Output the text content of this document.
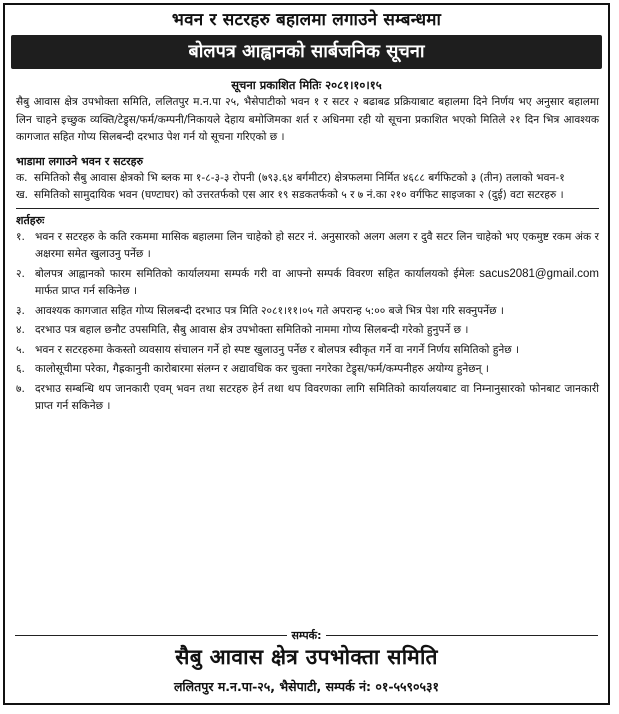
भवन र सटरहरु बहालमा लगाउने सम्बन्धमा
बोलपत्र आह्वानको सार्बजनिक सूचना
सूचना प्रकाशित मितिः २०८१।१०।१५

सैबु आवास क्षेत्र उपभोक्ता समिति, ललितपुर म.न.पा २५, भैसेपाटीको भवन १ र सटर २ बढाबढ प्रक्रियाबाट बहालमा दिने निर्णय भए अनुसार बहालमा लिन चाहने इच्छुक व्यक्ति/टेड्र्स/फर्म/कम्पनी/निकायले देहाय बमोजिमका शर्त र अधिनमा रही यो सूचना प्रकाशित भएको मितिले २१ दिन भित्र आवश्यक कागजात सहित गोप्य सिलबन्दी दरभाउ पेश गर्न यो सूचना गरिएको छ ।

भाडामा लगाउने भवन र सटरहरु
क. समितिको सैबु आवास क्षेत्रको भि ब्लक मा १-८-३-३ रोपनी (७९३.६४ बर्गमीटर) क्षेत्रफलमा निर्मित ४६८८ बर्गफिटको ३ (तीन) तलाको भवन-१
ख. समितिको सामुदायिक भवन (घण्टाघर) को उत्तरतर्फको एस आर १९ सडकतर्फको ५ र ७ नं.का २१० वर्गफिट साइजका २ (दुई) वटा सटरहरु ।
शर्तहरुः
१. भवन र सटरहरु के कति रकममा मासिक बहालमा लिन चाहेको हो सटर नं. अनुसारको अलग अलग र दुवै सटर लिन चाहेको भए एकमुष्ट रकम अंक र अक्षरमा समेत खुलाउनु पर्नेछ ।
२. बोलपत्र आह्वानको फारम समितिको कार्यालयमा सम्पर्क गरी वा आफ्नो सम्पर्क विवरण सहित कार्यालयको ईमेलः sacus2081@gmail.com मार्फत प्राप्त गर्न सकिनेछ ।
३. आवश्यक कागजात सहित गोप्य सिलबन्दी दरभाउ पत्र मिति २०८१।११।०५ गते अपरान्ह ५:०० बजे भित्र पेश गरि सक्नुपर्नेछ ।
४. दरभाउ पत्र बहाल छनौट उपसमिति, सैबु आवास क्षेत्र उपभोक्ता समितिको नाममा गोप्य सिलबन्दी गरेको हुनुपर्ने छ ।
५. भवन र सटरहरुमा केकस्तो व्यवसाय संचालन गर्ने हो स्पष्ट खुलाउनु पर्नेछ र बोलपत्र स्वीकृत गर्ने वा नगर्ने निर्णय समितिको हुनेछ ।
६. कालोसूचीमा परेका, गैह्रकानुनी कारोबारमा संलग्न र अद्यावधिक कर चुक्ता नगरेका टेड्र्स/फर्म/कम्पनीहरु अयोग्य हुनेछन् ।
७. दरभाउ सम्बन्धि थप जानकारी एवम् भवन तथा सटरहरु हेर्न तथा थप विवरणका लागि समितिको कार्यालयबाट वा निम्नानुसारको फोनबाट जानकारी प्राप्त गर्न सकिनेछ ।
सम्पर्क:
सैबु आवास क्षेत्र उपभोक्ता समिति
ललितपुर म.न.पा-२५, भैसेपाटी, सम्पर्क नं: ०१-५५९०५३१
